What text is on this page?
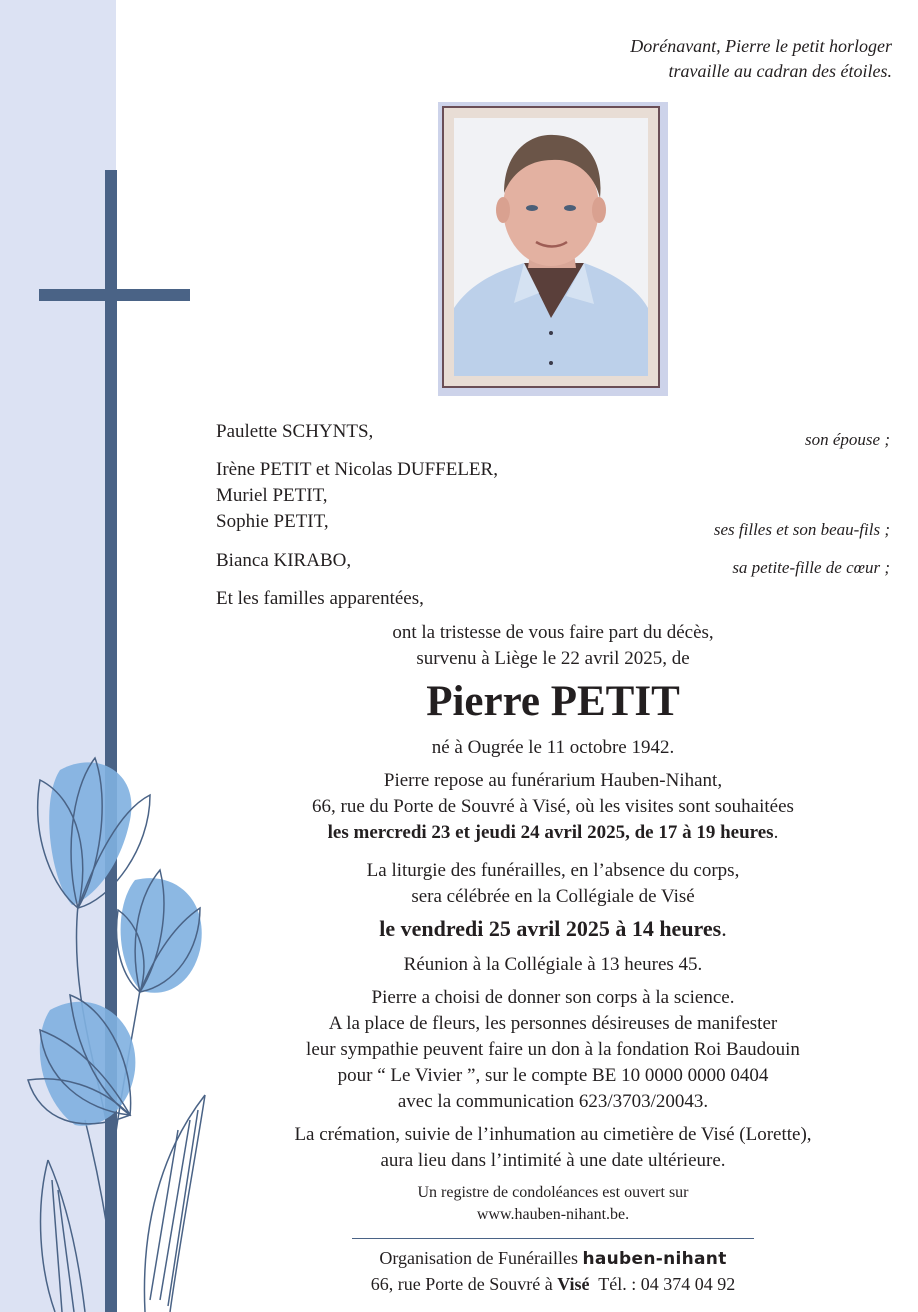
Dorénavant, Pierre le petit horloger
travaille au cadran des étoiles.
Paulette SCHYNTS,	son épouse ;
Irène PETIT et Nicolas DUFFELER,
Muriel PETIT,
Sophie PETIT,	ses filles et son beau-fils ;
Bianca KIRABO,	sa petite-fille de cœur ;
Et les familles apparentées,
ont la tristesse de vous faire part du décès,
survenu à Liège le 22 avril 2025, de
Pierre PETIT
né à Ougrée le 11 octobre 1942.
Pierre repose au funérarium Hauben-Nihant,
66, rue du Porte de Souvré à Visé, où les visites sont souhaitées
les mercredi 23 et jeudi 24 avril 2025, de 17 à 19 heures.
La liturgie des funérailles, en l’absence du corps,
sera célébrée en la Collégiale de Visé
le vendredi 25 avril 2025 à 14 heures.
Réunion à la Collégiale à 13 heures 45.
Pierre a choisi de donner son corps à la science.
A la place de fleurs, les personnes désireuses de manifester
leur sympathie peuvent faire un don à la fondation Roi Baudouin
pour “ Le Vivier ”, sur le compte BE 10 0000 0000 0404
avec la communication 623/3703/20043.
La crémation, suivie de l’inhumation au cimetière de Visé (Lorette),
aura lieu dans l’intimité à une date ultérieure.
Un registre de condoléances est ouvert sur
www.hauben-nihant.be.
Organisation de Funérailles hauben-nihant
66, rue Porte de Souvré à Visé Tél. : 04 374 04 92
